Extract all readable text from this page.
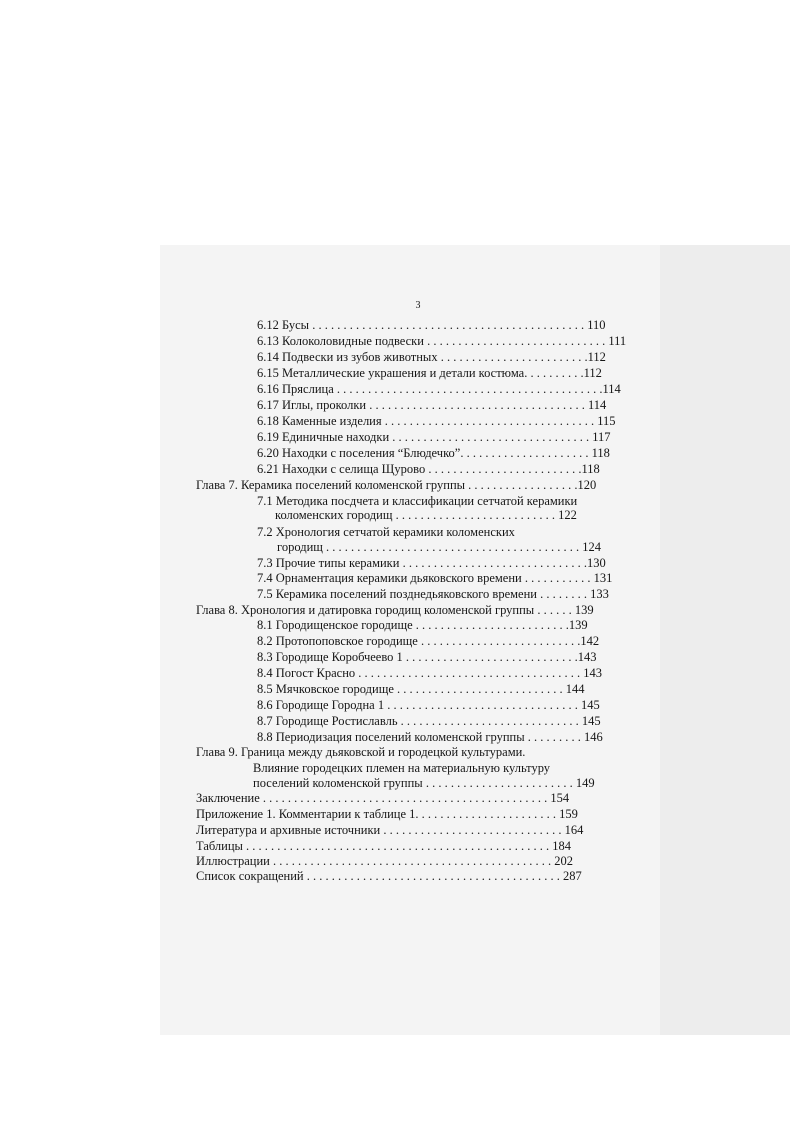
3
6.12 Бусы . . . . . . . . . . . . . . . . . . . . . . . . . . . . . . . . . . . . . . . . . . . . 110
6.13 Колоколовидные подвески . . . . . . . . . . . . . . . . . . . . . . . . . . . . . 111
6.14 Подвески из зубов животных . . . . . . . . . . . . . . . . . . . . . . . .112
6.15 Металлические украшения и детали костюма. . . . . . . . . .112
6.16 Пряслица . . . . . . . . . . . . . . . . . . . . . . . . . . . . . . . . . . . . . . . . . . .114
6.17 Иглы, проколки . . . . . . . . . . . . . . . . . . . . . . . . . . . . . . . . . . . 114
6.18 Каменные изделия . . . . . . . . . . . . . . . . . . . . . . . . . . . . . . . . . . 115
6.19 Единичные находки . . . . . . . . . . . . . . . . . . . . . . . . . . . . . . . . 117
6.20 Находки с поселения “Блюдечко”. . . . . . . . . . . . . . . . . . . . . 118
6.21 Находки с селища Щурово . . . . . . . . . . . . . . . . . . . . . . . . .118
Глава 7. Керамика поселений коломенской группы . . . . . . . . . . . . . . . . . .120
7.1 Методика посдчета и классификации сетчатой керамики
коломенских городищ . . . . . . . . . . . . . . . . . . . . . . . . . . 122
7.2 Хронология сетчатой керамики коломенских
городищ . . . . . . . . . . . . . . . . . . . . . . . . . . . . . . . . . . . . . . . . . 124
7.3 Прочие типы керамики . . . . . . . . . . . . . . . . . . . . . . . . . . . . . .130
7.4 Орнаментация керамики дьяковского времени . . . . . . . . . . . 131
7.5 Керамика поселений позднедьяковского времени . . . . . . . . 133
Глава 8. Хронология и датировка городищ коломенской группы . . . . . . 139
8.1 Городищенское городище . . . . . . . . . . . . . . . . . . . . . . . . .139
8.2 Протопоповское городище . . . . . . . . . . . . . . . . . . . . . . . . . .142
8.3 Городище Коробчеево 1 . . . . . . . . . . . . . . . . . . . . . . . . . . . .143
8.4 Погост Красно . . . . . . . . . . . . . . . . . . . . . . . . . . . . . . . . . . . . 143
8.5 Мячковское городище . . . . . . . . . . . . . . . . . . . . . . . . . . . 144
8.6 Городище Городна 1 . . . . . . . . . . . . . . . . . . . . . . . . . . . . . . . 145
8.7 Городище Ростиславль . . . . . . . . . . . . . . . . . . . . . . . . . . . . . 145
8.8 Периодизация поселений коломенской группы . . . . . . . . . 146
Глава 9. Граница между дьяковской и городецкой культурами.
Влияние городецких племен на материальную культуру
поселений коломенской группы . . . . . . . . . . . . . . . . . . . . . . . . 149
Заключение . . . . . . . . . . . . . . . . . . . . . . . . . . . . . . . . . . . . . . . . . . . . . . 154
Приложение 1. Комментарии к таблице 1. . . . . . . . . . . . . . . . . . . . . . . 159
Литература и архивные источники . . . . . . . . . . . . . . . . . . . . . . . . . . . . . 164
Таблицы . . . . . . . . . . . . . . . . . . . . . . . . . . . . . . . . . . . . . . . . . . . . . . . . . 184
Иллюстрации . . . . . . . . . . . . . . . . . . . . . . . . . . . . . . . . . . . . . . . . . . . . . 202
Список сокращений . . . . . . . . . . . . . . . . . . . . . . . . . . . . . . . . . . . . . . . . . 287
